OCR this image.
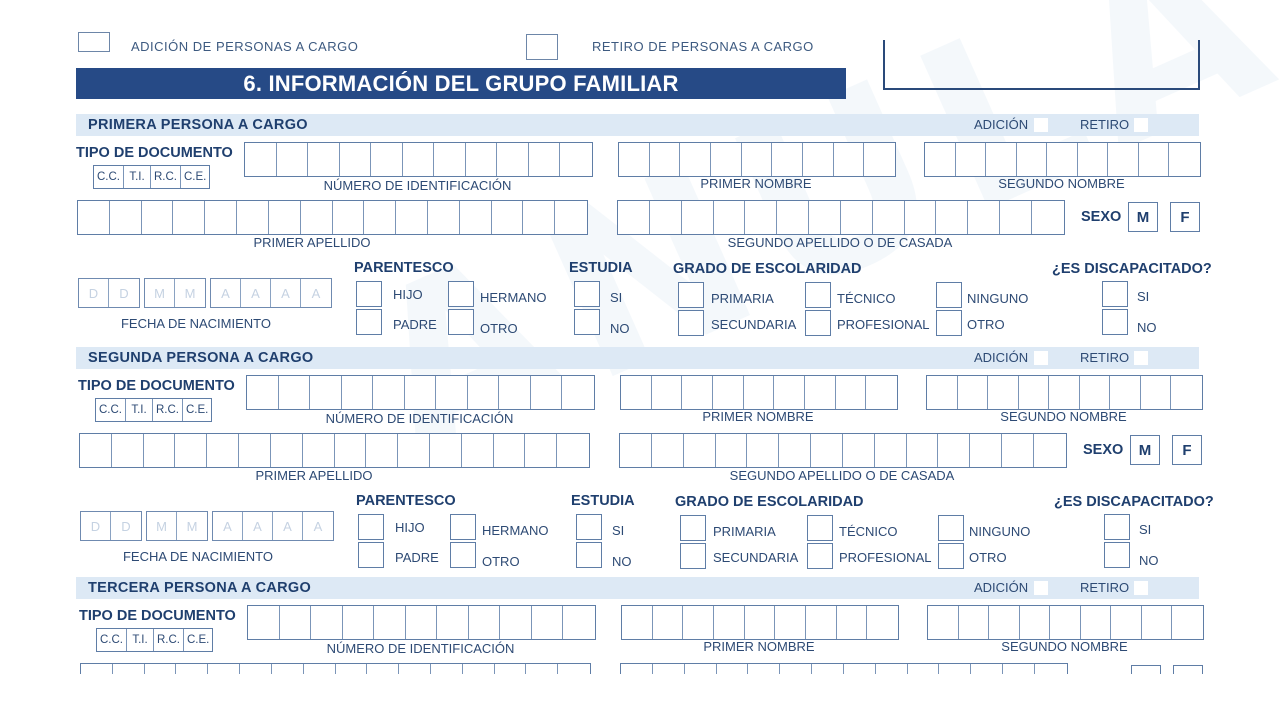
ADICIÓN DE PERSONAS A CARGO	RETIRO DE PERSONAS A CARGO
6. INFORMACIÓN DEL GRUPO FAMILIAR
PRIMERA PERSONA A CARGO	ADICIÓN	RETIRO
TIPO DE DOCUMENTO
C.C. T.I. R.C. C.E.
NÚMERO DE IDENTIFICACIÓN	PRIMER NOMBRE	SEGUNDO NOMBRE
SEXO	M	F
PRIMER APELLIDO	SEGUNDO APELLIDO O DE CASADA
D	D	M	M	A	A	A	A
FECHA DE NACIMIENTO
PARENTESCO
HIJO
PADRE
HERMANO
OTRO
ESTUDIA
SI
NO
GRADO DE ESCOLARIDAD
PRIMARIA
SECUNDARIA
TÉCNICO
PROFESIONAL
NINGUNO
OTRO
¿ES DISCAPACITADO?
SI
NO
SEGUNDA PERSONA A CARGO	ADICIÓN	RETIRO
TIPO DE DOCUMENTO
C.C. T.I. R.C. C.E.
NÚMERO DE IDENTIFICACIÓN	PRIMER NOMBRE	SEGUNDO NOMBRE
SEXO	M	F
PRIMER APELLIDO	SEGUNDO APELLIDO O DE CASADA
D	D	M	M	A	A	A	A
FECHA DE NACIMIENTO
PARENTESCO
HIJO
PADRE
HERMANO
OTRO
ESTUDIA
SI
NO
GRADO DE ESCOLARIDAD
PRIMARIA
SECUNDARIA
TÉCNICO
PROFESIONAL
NINGUNO
OTRO
¿ES DISCAPACITADO?
SI
NO
TERCERA PERSONA A CARGO	ADICIÓN	RETIRO
TIPO DE DOCUMENTO
C.C. T.I. R.C. C.E.
NÚMERO DE IDENTIFICACIÓN	PRIMER NOMBRE	SEGUNDO NOMBRE
